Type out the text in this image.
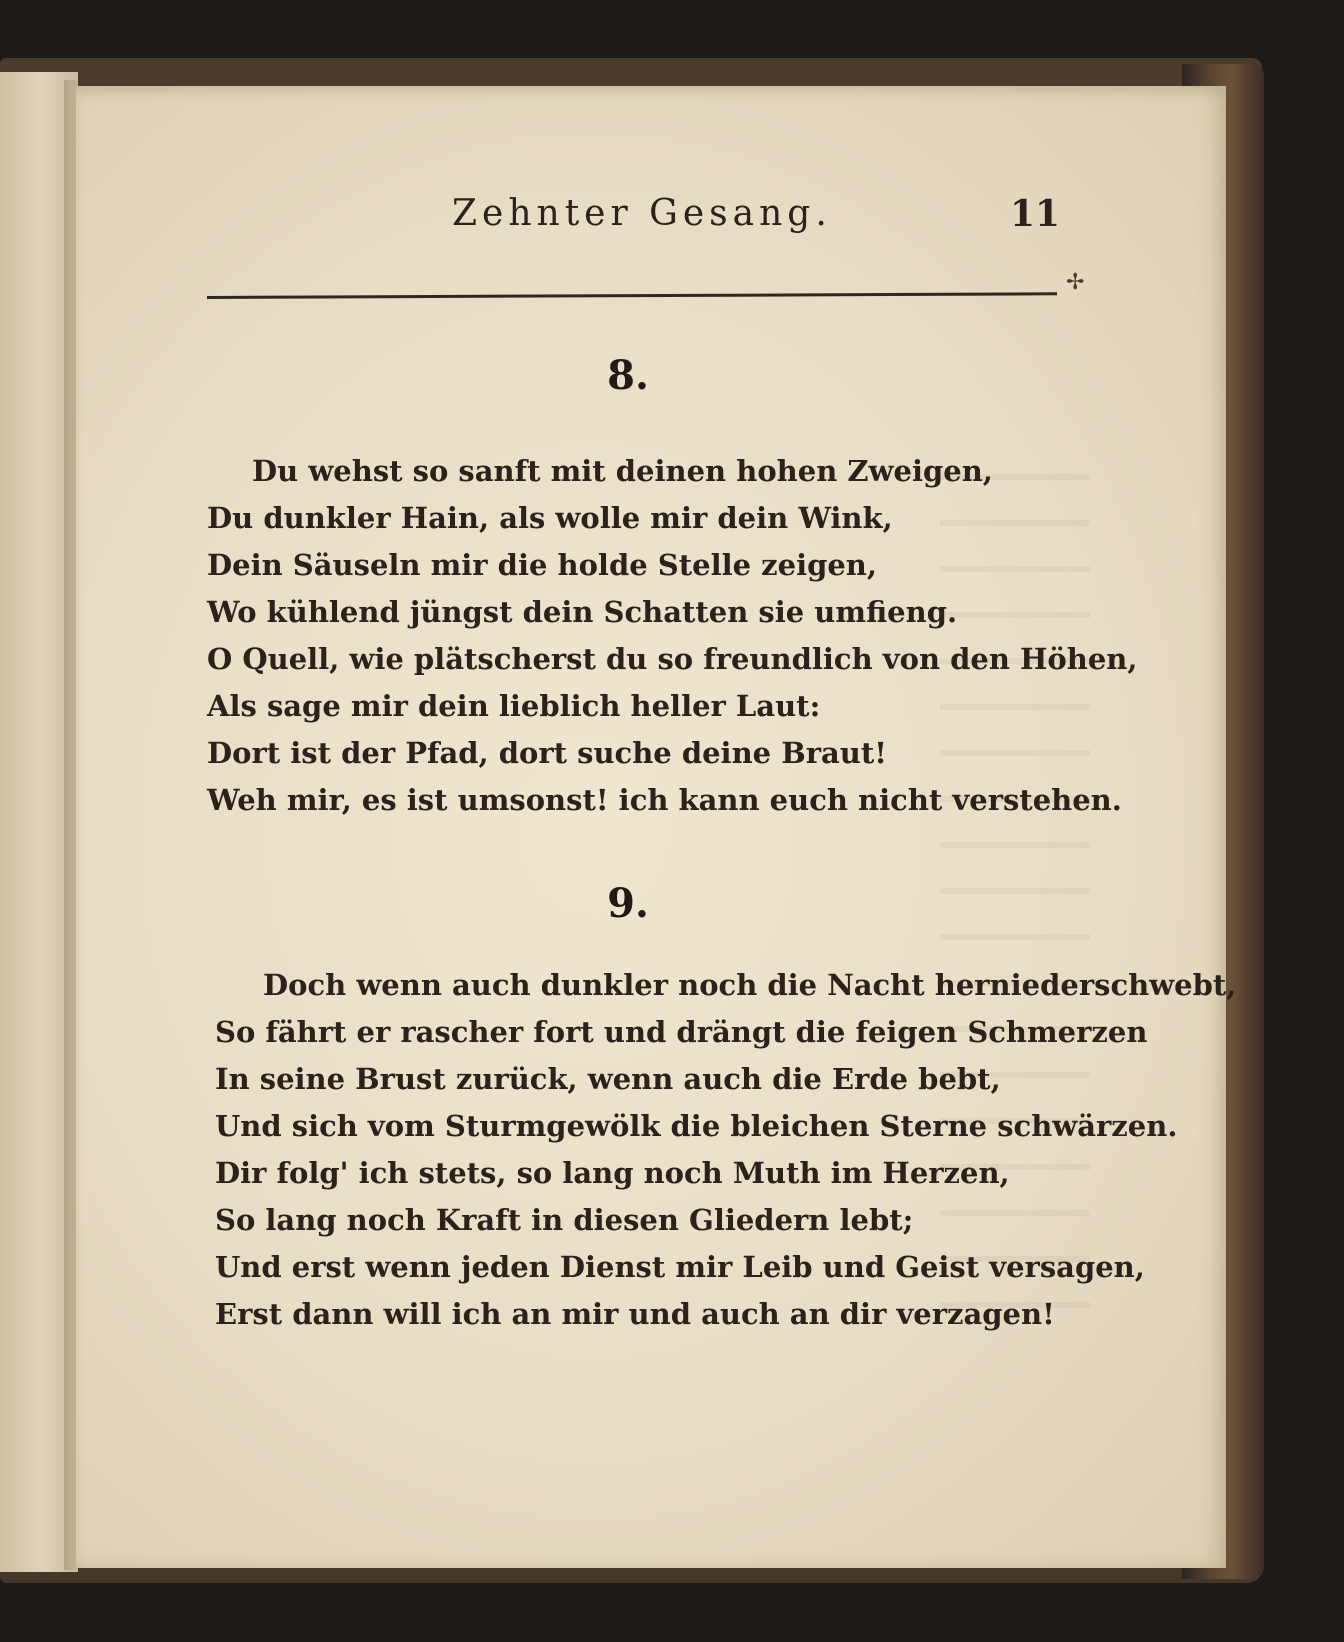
Zehnter Gesang.	11
✢
8.
Du wehst so sanft mit deinen hohen Zweigen,
Du dunkler Hain, als wolle mir dein Wink,
Dein Säuseln mir die holde Stelle zeigen,
Wo kühlend jüngst dein Schatten sie umfieng.
O Quell, wie plätscherst du so freundlich von den Höhen,
Als sage mir dein lieblich heller Laut:
Dort ist der Pfad, dort suche deine Braut!
Weh mir, es ist umsonst! ich kann euch nicht verstehen.
9.
Doch wenn auch dunkler noch die Nacht herniederschwebt,
So fährt er rascher fort und drängt die feigen Schmerzen
In seine Brust zurück, wenn auch die Erde bebt,
Und sich vom Sturmgewölk die bleichen Sterne schwärzen.
Dir folg' ich stets, so lang noch Muth im Herzen,
So lang noch Kraft in diesen Gliedern lebt;
Und erst wenn jeden Dienst mir Leib und Geist versagen,
Erst dann will ich an mir und auch an dir verzagen!
